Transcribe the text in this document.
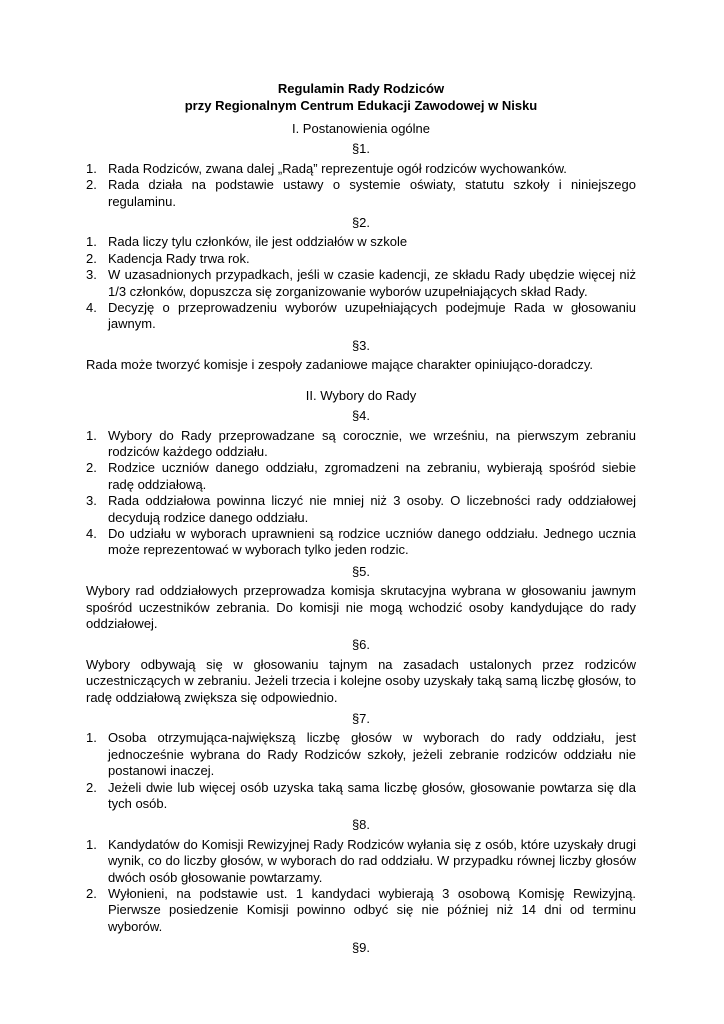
Regulamin Rady Rodziców
przy Regionalnym Centrum Edukacji Zawodowej w Nisku
I. Postanowienia ogólne
§1.
1. Rada Rodziców, zwana dalej „Radą” reprezentuje ogół rodziców wychowanków.
2. Rada działa na podstawie ustawy o systemie oświaty, statutu szkoły i niniejszego regulaminu.
§2.
1. Rada liczy tylu członków, ile jest oddziałów w szkole
2. Kadencja Rady trwa rok.
3. W uzasadnionych przypadkach, jeśli w czasie kadencji, ze składu Rady ubędzie więcej niż 1/3 członków, dopuszcza się zorganizowanie wyborów uzupełniających skład Rady.
4. Decyzję o przeprowadzeniu wyborów uzupełniających podejmuje Rada w głosowaniu jawnym.
§3.

Rada może tworzyć komisje i zespoły zadaniowe mające charakter opiniująco-doradczy.

II. Wybory do Rady
§4.
1. Wybory do Rady przeprowadzane są corocznie, we wrześniu, na pierwszym zebraniu rodziców każdego oddziału.
2. Rodzice uczniów danego oddziału, zgromadzeni na zebraniu, wybierają spośród siebie radę oddziałową.
3. Rada oddziałowa powinna liczyć nie mniej niż 3 osoby. O liczebności rady oddziałowej decydują rodzice danego oddziału.
4. Do udziału w wyborach uprawnieni są rodzice uczniów danego oddziału. Jednego ucznia może reprezentować w wyborach tylko jeden rodzic.
§5.

Wybory rad oddziałowych przeprowadza komisja skrutacyjna wybrana w głosowaniu jawnym spośród uczestników zebrania. Do komisji nie mogą wchodzić osoby kandydujące do rady oddziałowej.

§6.

Wybory odbywają się w głosowaniu tajnym na zasadach ustalonych przez rodziców uczestniczących w zebraniu. Jeżeli trzecia i kolejne osoby uzyskały taką samą liczbę głosów, to radę oddziałową zwiększa się odpowiednio.

§7.
1. Osoba otrzymująca-największą liczbę głosów w wyborach do rady oddziału, jest jednocześnie wybrana do Rady Rodziców szkoły, jeżeli zebranie rodziców oddziału nie postanowi inaczej.
2. Jeżeli dwie lub więcej osób uzyska taką sama liczbę głosów, głosowanie powtarza się dla tych osób.
§8.
1. Kandydatów do Komisji Rewizyjnej Rady Rodziców wyłania się z osób, które uzyskały drugi wynik, co do liczby głosów, w wyborach do rad oddziału. W przypadku równej liczby głosów dwóch osób głosowanie powtarzamy.
2. Wyłonieni, na podstawie ust. 1 kandydaci wybierają 3 osobową Komisję Rewizyjną. Pierwsze posiedzenie Komisji powinno odbyć się nie później niż 14 dni od terminu wyborów.
§9.
